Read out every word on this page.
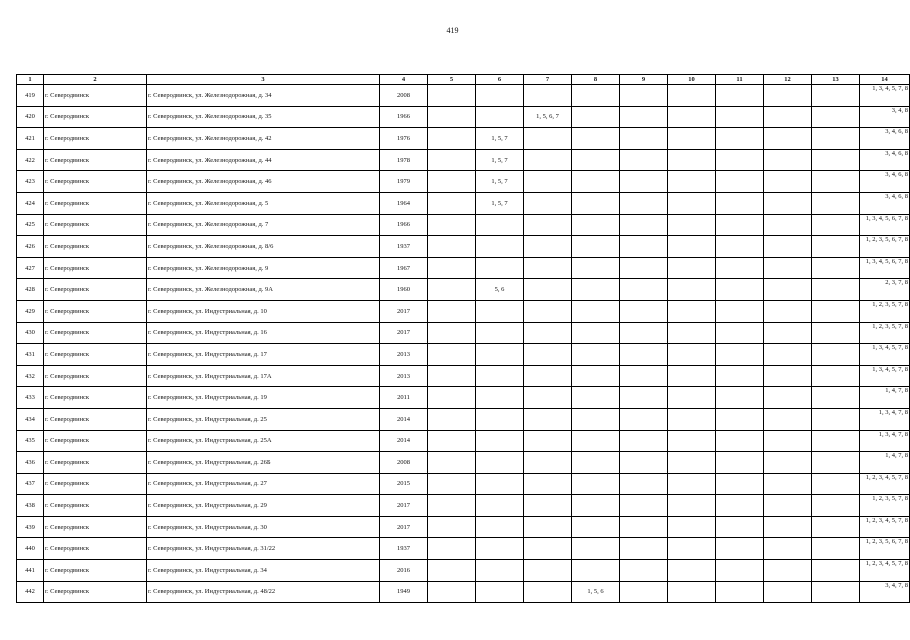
419
1	2	3	4	5	6	7	8	9	10	11	12	13	14
419	г. Северодвинск	г. Северодвинск, ул. Железнодорожная, д. 34	2008										1, 3, 4, 5, 7, 8
420	г. Северодвинск	г. Северодвинск, ул. Железнодорожная, д. 35	1966			1, 5, 6, 7							3, 4, 8
421	г. Северодвинск	г. Северодвинск, ул. Железнодорожная, д. 42	1976		1, 5, 7								3, 4, 6, 8
422	г. Северодвинск	г. Северодвинск, ул. Железнодорожная, д. 44	1978		1, 5, 7								3, 4, 6, 8
423	г. Северодвинск	г. Северодвинск, ул. Железнодорожная, д. 46	1979		1, 5, 7								3, 4, 6, 8
424	г. Северодвинск	г. Северодвинск, ул. Железнодорожная, д. 5	1964		1, 5, 7								3, 4, 6, 8
425	г. Северодвинск	г. Северодвинск, ул. Железнодорожная, д. 7	1966										1, 3, 4, 5, 6, 7, 8
426	г. Северодвинск	г. Северодвинск, ул. Железнодорожная, д. 8/6	1937										1, 2, 3, 5, 6, 7, 8
427	г. Северодвинск	г. Северодвинск, ул. Железнодорожная, д. 9	1967										1, 3, 4, 5, 6, 7, 8
428	г. Северодвинск	г. Северодвинск, ул. Железнодорожная, д. 9А	1960		5, 6								2, 3, 7, 8
429	г. Северодвинск	г. Северодвинск, ул. Индустриальная, д. 10	2017										1, 2, 3, 5, 7, 8
430	г. Северодвинск	г. Северодвинск, ул. Индустриальная, д. 16	2017										1, 2, 3, 5, 7, 8
431	г. Северодвинск	г. Северодвинск, ул. Индустриальная, д. 17	2013										1, 3, 4, 5, 7, 8
432	г. Северодвинск	г. Северодвинск, ул. Индустриальная, д. 17А	2013										1, 3, 4, 5, 7, 8
433	г. Северодвинск	г. Северодвинск, ул. Индустриальная, д. 19	2011										1, 4, 7, 8
434	г. Северодвинск	г. Северодвинск, ул. Индустриальная, д. 25	2014										1, 3, 4, 7, 8
435	г. Северодвинск	г. Северодвинск, ул. Индустриальная, д. 25А	2014										1, 3, 4, 7, 8
436	г. Северодвинск	г. Северодвинск, ул. Индустриальная, д. 26Б	2008										1, 4, 7, 8
437	г. Северодвинск	г. Северодвинск, ул. Индустриальная, д. 27	2015										1, 2, 3, 4, 5, 7, 8
438	г. Северодвинск	г. Северодвинск, ул. Индустриальная, д. 29	2017										1, 2, 3, 5, 7, 8
439	г. Северодвинск	г. Северодвинск, ул. Индустриальная, д. 30	2017										1, 2, 3, 4, 5, 7, 8
440	г. Северодвинск	г. Северодвинск, ул. Индустриальная, д. 31/22	1937										1, 2, 3, 5, 6, 7, 8
441	г. Северодвинск	г. Северодвинск, ул. Индустриальная, д. 34	2016										1, 2, 3, 4, 5, 7, 8
442	г. Северодвинск	г. Северодвинск, ул. Индустриальная, д. 48/22	1949				1, 5, 6						3, 4, 7, 8
